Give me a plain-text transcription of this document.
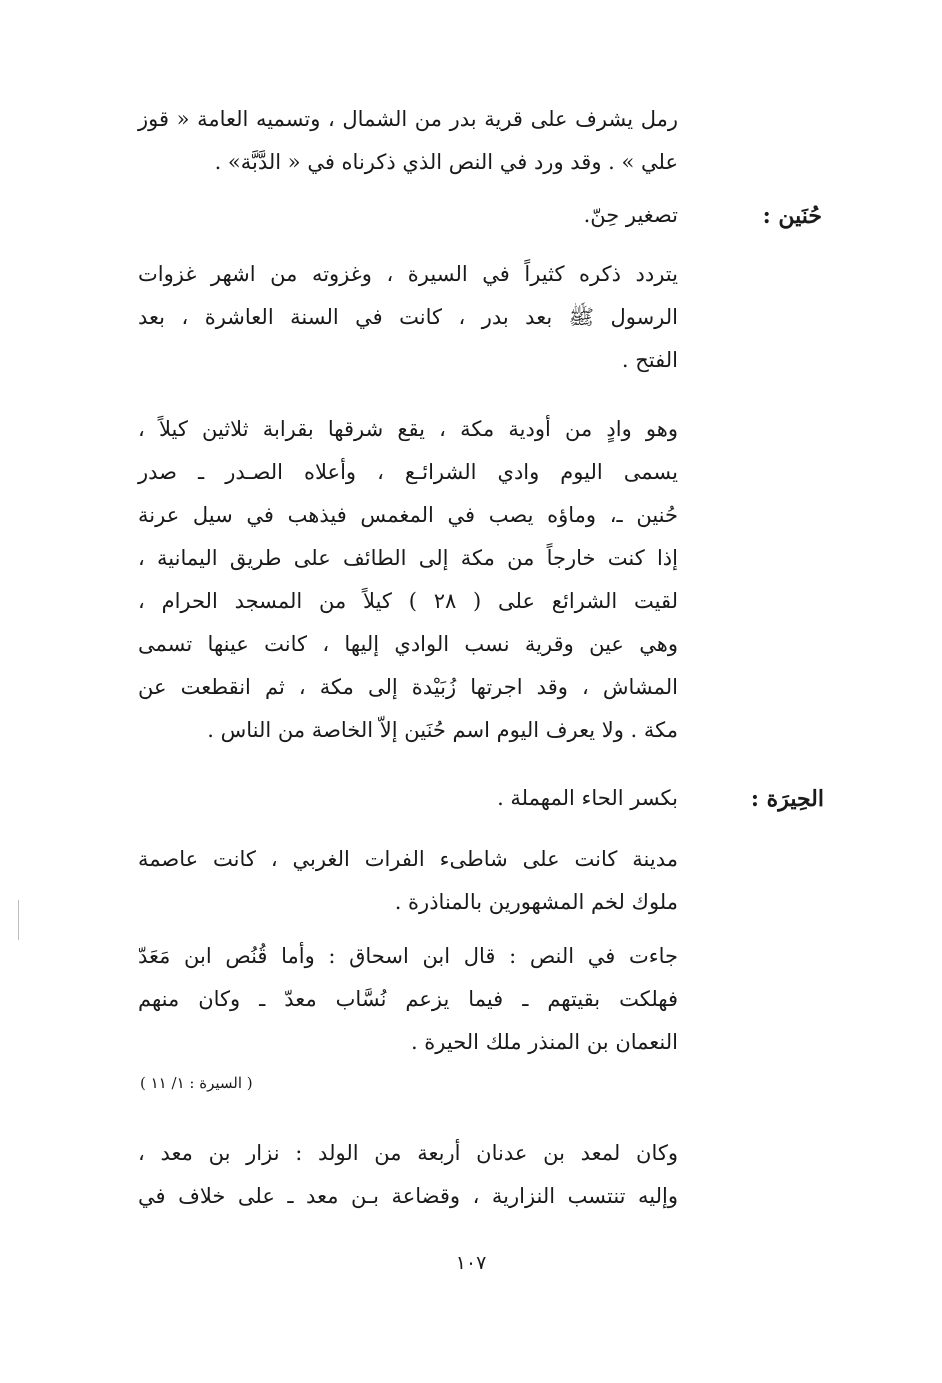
رمل يشرف على قرية بدر من الشمال ، وتسميه العامة « قوز
علي » . وقد ورد في النص الذي ذكرناه في « الدَّبَّة» .
حُنَين :
تصغير حِنّ.
يتردد ذكره كثيراً في السيرة ، وغزوته من اشهر غزوات
الرسول ﷺ بعد بدر ، كانت في السنة العاشرة ، بعد
الفتح .
وهو وادٍ من أودية مكة ، يقع شرقها بقرابة ثلاثين كيلاً ،
يسمى اليوم وادي الشرائـع ، وأعلاه الصـدر ـ صدر
حُنين ـ، وماؤه يصب في المغمس فيذهب في سيل عرنة
إذا كنت خارجاً من مكة إلى الطائف على طريق اليمانية ،
لقيت الشرائع على ( ٢٨ ) كيلاً من المسجد الحرام ،
وهي عين وقرية نسب الوادي إليها ، كانت عينها تسمى
المشاش ، وقد اجرتها زُبَيْدة إلى مكة ، ثم انقطعت عن
مكة . ولا يعرف اليوم اسم حُنَين إلاّ الخاصة من الناس .
الحِيرَة :
بكسر الحاء المهملة .
مدينة كانت على شاطىء الفرات الغربي ، كانت عاصمة
ملوك لخم المشهورين بالمناذرة .
جاءت في النص : قال ابن اسحاق : وأما قُنُص ابن مَعَدّ
فهلكت بقيتهم ـ فيما يزعم نُسَّاب معدّ ـ وكان منهم
النعمان بن المنذر ملك الحيرة .
( السيرة : ١/ ١١ )
وكان لمعد بن عدنان أربعة من الولد : نزار بن معد ،
وإليه تنتسب النزارية ، وقضاعة بـن معد ـ على خلاف في
١٠٧
